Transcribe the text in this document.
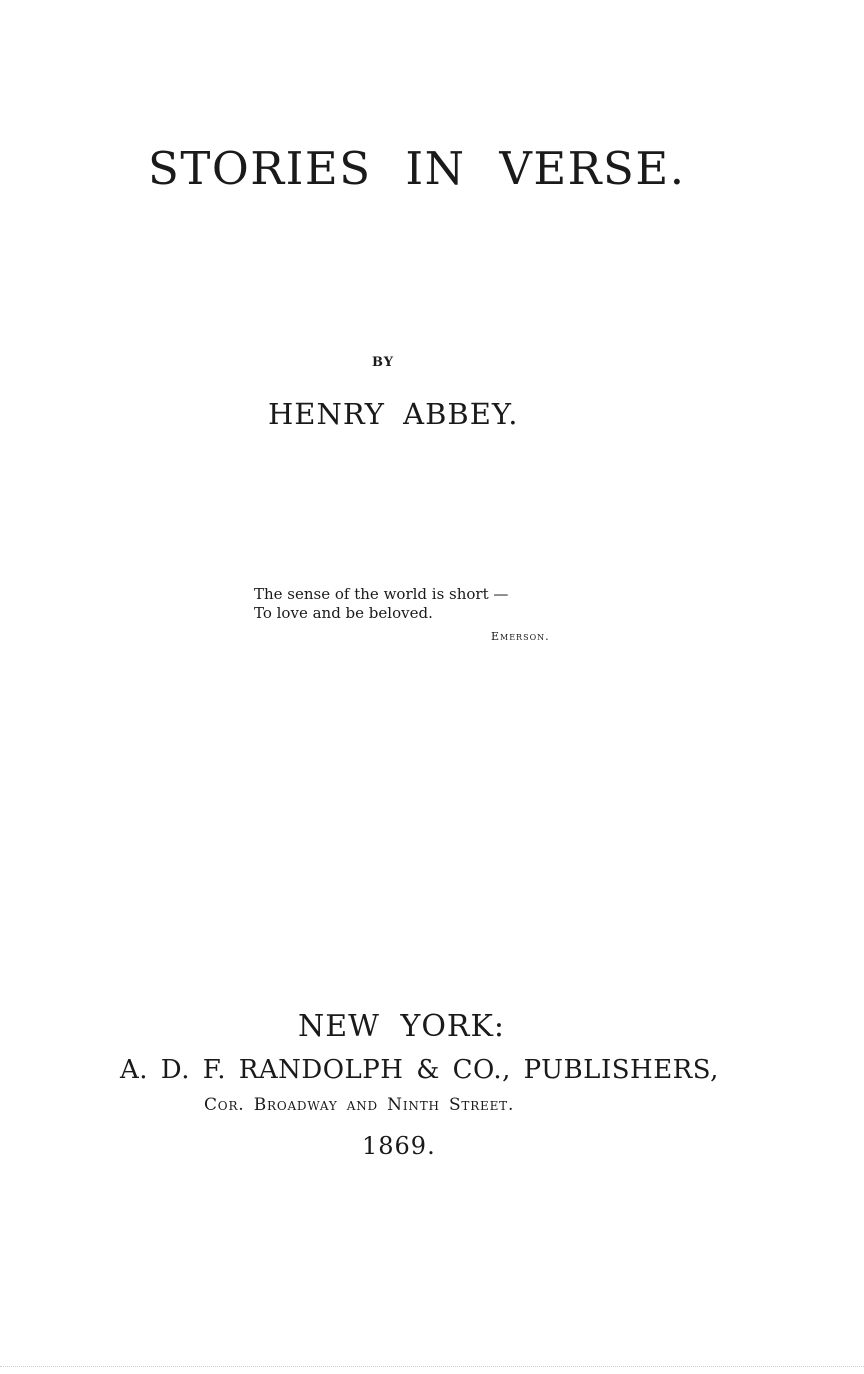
STORIES IN VERSE.
BY
HENRY ABBEY.
The sense of the world is short —
To love and be beloved.
Emerson.
NEW YORK:
A. D. F. RANDOLPH & CO., PUBLISHERS,
Cor. Broadway and Ninth Street.
1869.
